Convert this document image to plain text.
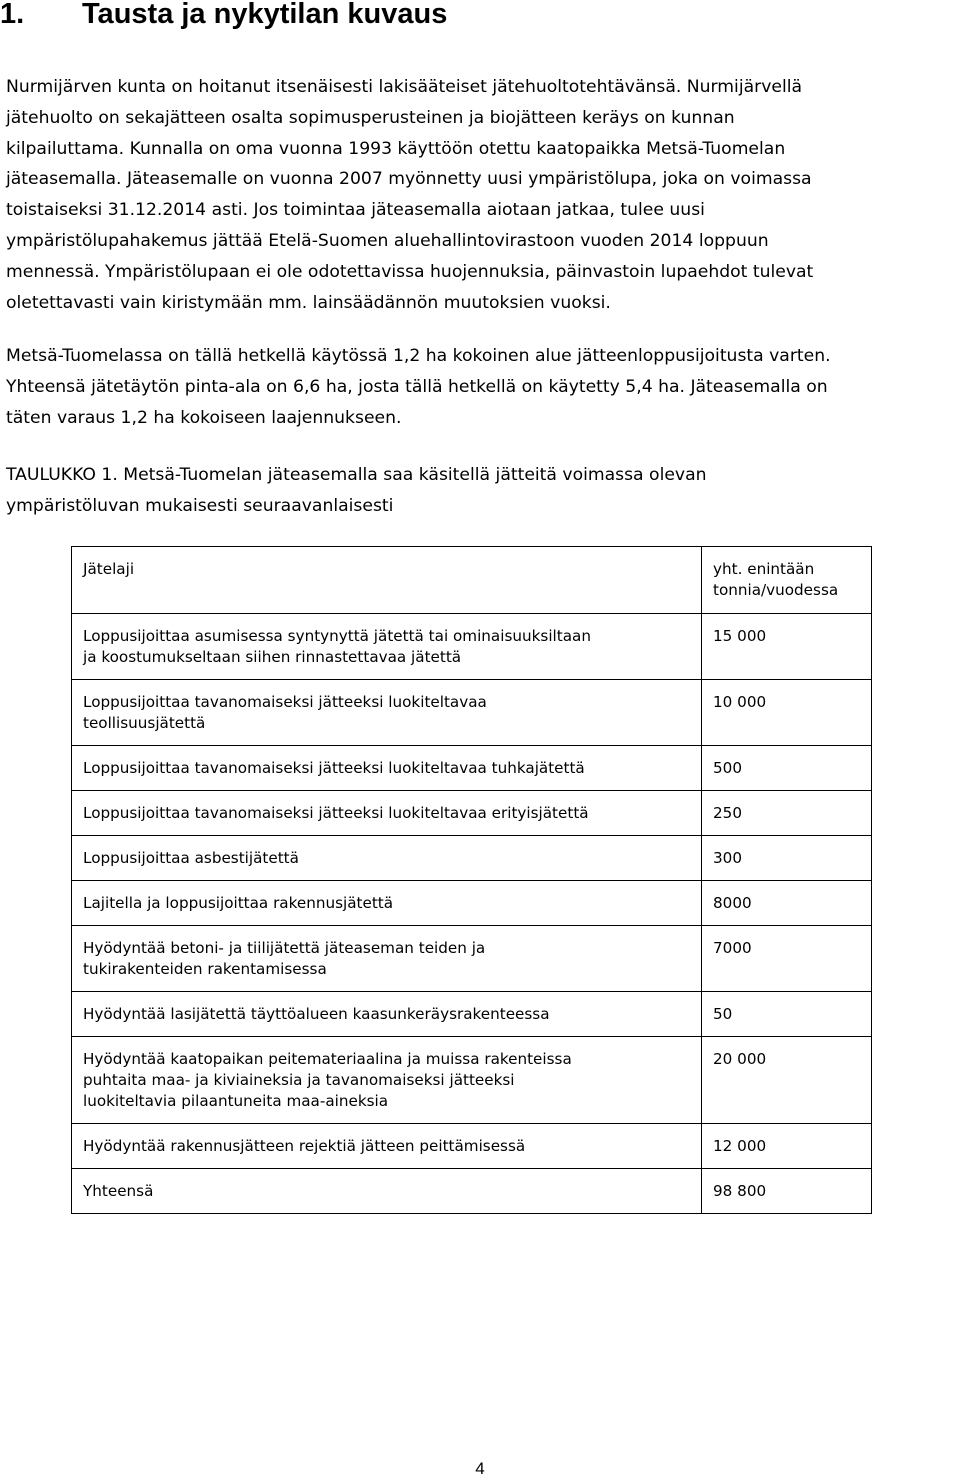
1. Tausta ja nykytilan kuvaus
Nurmijärven kunta on hoitanut itsenäisesti lakisääteiset jätehuoltotehtävänsä. Nurmijärvellä
jätehuolto on sekajätteen osalta sopimusperusteinen ja biojätteen keräys on kunnan
kilpailuttama. Kunnalla on oma vuonna 1993 käyttöön otettu kaatopaikka Metsä-Tuomelan
jäteasemalla. Jäteasemalle on vuonna 2007 myönnetty uusi ympäristölupa, joka on voimassa
toistaiseksi 31.12.2014 asti. Jos toimintaa jäteasemalla aiotaan jatkaa, tulee uusi
ympäristölupahakemus jättää Etelä-Suomen aluehallintovirastoon vuoden 2014 loppuun
mennessä. Ympäristölupaan ei ole odotettavissa huojennuksia, päinvastoin lupaehdot tulevat
oletettavasti vain kiristymään mm. lainsäädännön muutoksien vuoksi.
Metsä-Tuomelassa on tällä hetkellä käytössä 1,2 ha kokoinen alue jätteenloppusijoitusta varten.
Yhteensä jätetäytön pinta-ala on 6,6 ha, josta tällä hetkellä on käytetty 5,4 ha. Jäteasemalla on
täten varaus 1,2 ha kokoiseen laajennukseen.
TAULUKKO 1. Metsä-Tuomelan jäteasemalla saa käsitellä jätteitä voimassa olevan
ympäristöluvan mukaisesti seuraavanlaisesti
Jätelaji	yht. enintään
tonnia/vuodessa

Loppusijoittaa asumisessa syntynyttä jätettä tai ominaisuuksiltaan
ja koostumukseltaan siihen rinnastettavaa jätettä	15 000

Loppusijoittaa tavanomaiseksi jätteeksi luokiteltavaa
teollisuusjätettä	10 000

Loppusijoittaa tavanomaiseksi jätteeksi luokiteltavaa tuhkajätettä	500

Loppusijoittaa tavanomaiseksi jätteeksi luokiteltavaa erityisjätettä	250

Loppusijoittaa asbestijätettä	300

Lajitella ja loppusijoittaa rakennusjätettä	8000

Hyödyntää betoni- ja tiilijätettä jäteaseman teiden ja
tukirakenteiden rakentamisessa	7000

Hyödyntää lasijätettä täyttöalueen kaasunkeräysrakenteessa	50

Hyödyntää kaatopaikan peitemateriaalina ja muissa rakenteissa
puhtaita maa- ja kiviaineksia ja tavanomaiseksi jätteeksi
luokiteltavia pilaantuneita maa-aineksia	20 000

Hyödyntää rakennusjätteen rejektiä jätteen peittämisessä	12 000

Yhteensä	98 800
4
